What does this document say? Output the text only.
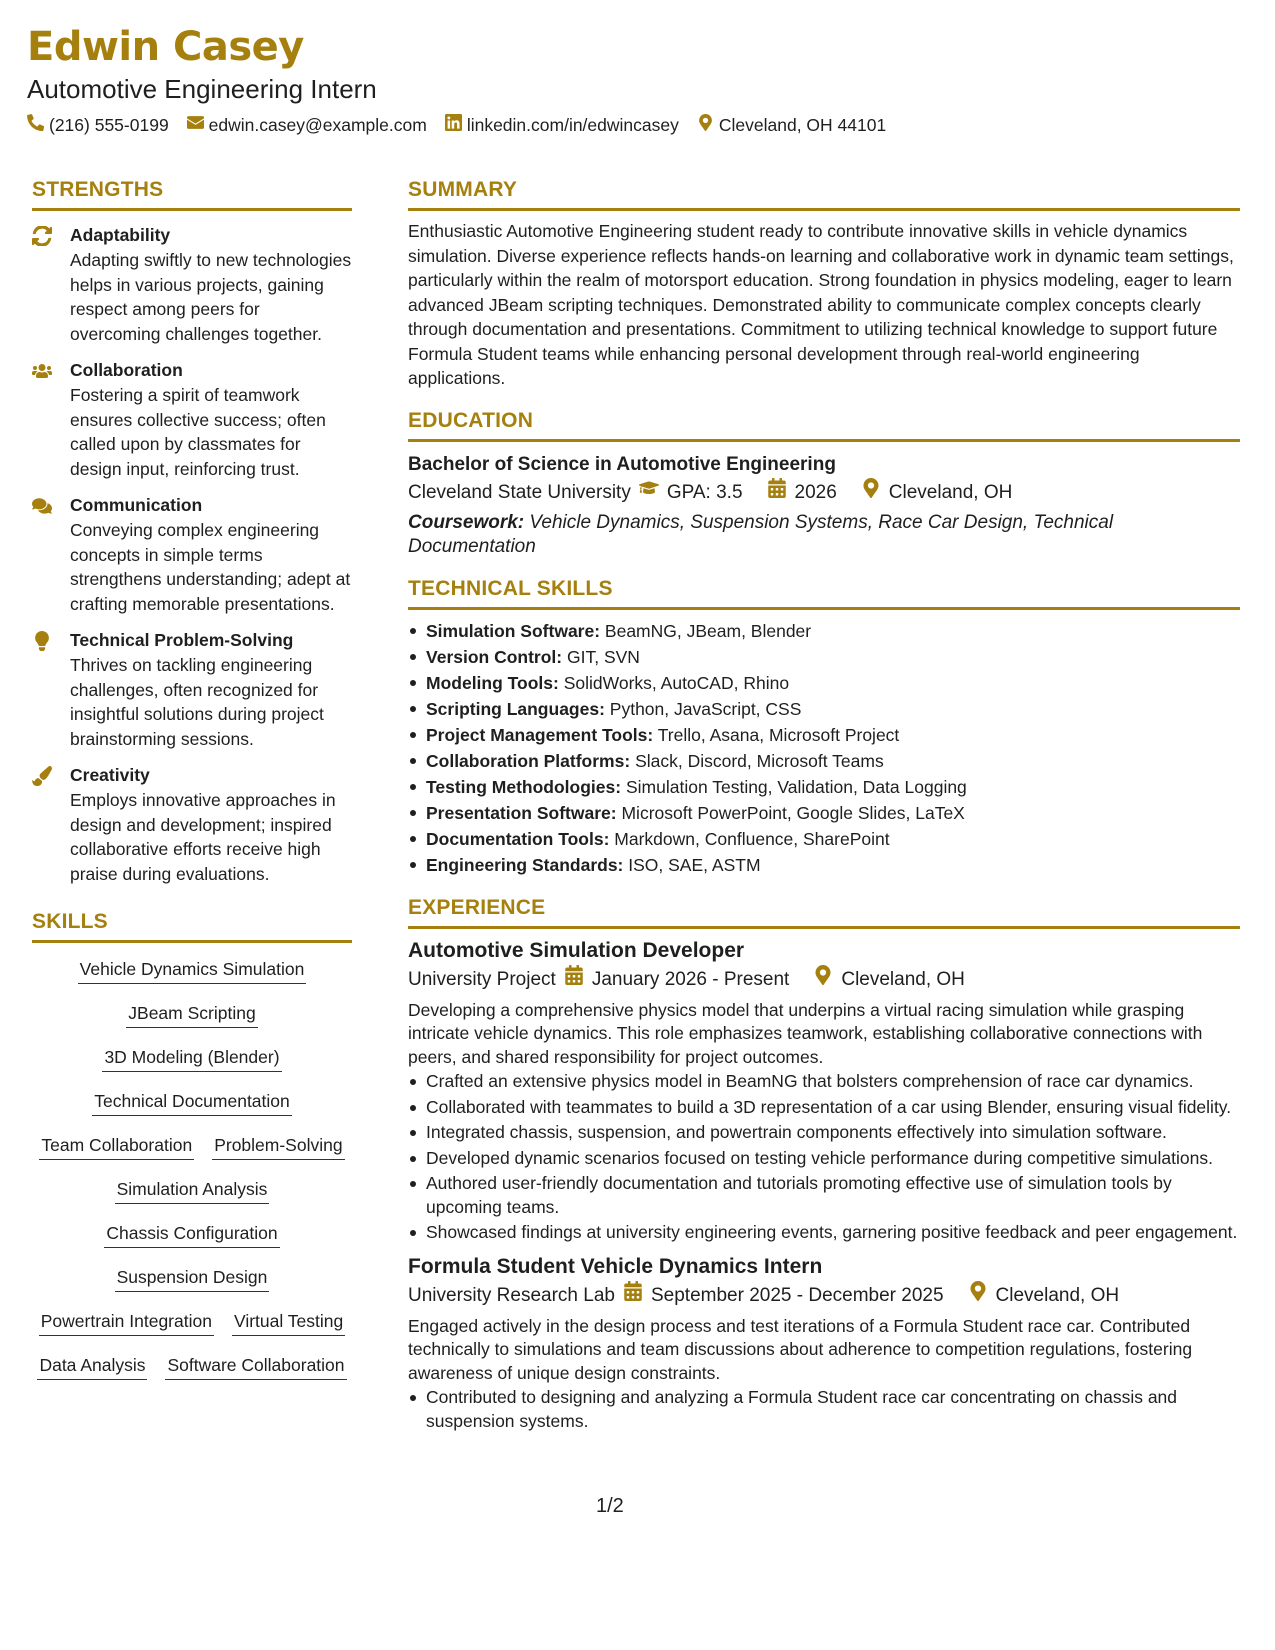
Edwin Casey
Automotive Engineering Intern
(216) 555-0199 edwin.casey@example.com linkedin.com/in/edwincasey Cleveland, OH 44101
STRENGTHS
Adaptability
Adapting swiftly to new technologies helps in various projects, gaining respect among peers for overcoming challenges together.
Collaboration
Fostering a spirit of teamwork ensures collective success; often called upon by classmates for design input, reinforcing trust.
Communication
Conveying complex engineering concepts in simple terms strengthens understanding; adept at crafting memorable presentations.
Technical Problem-Solving
Thrives on tackling engineering challenges, often recognized for insightful solutions during project brainstorming sessions.
Creativity
Employs innovative approaches in design and development; inspired collaborative efforts receive high praise during evaluations.
SKILLS
Vehicle Dynamics Simulation
JBeam Scripting
3D Modeling (Blender)
Technical Documentation
Team Collaboration Problem-Solving
Simulation Analysis
Chassis Configuration
Suspension Design
Powertrain Integration Virtual Testing
Data Analysis Software Collaboration
SUMMARY
Enthusiastic Automotive Engineering student ready to contribute innovative skills in vehicle dynamics simulation. Diverse experience reflects hands-on learning and collaborative work in dynamic team settings, particularly within the realm of motorsport education. Strong foundation in physics modeling, eager to learn advanced JBeam scripting techniques. Demonstrated ability to communicate complex concepts clearly through documentation and presentations. Commitment to utilizing technical knowledge to support future Formula Student teams while enhancing personal development through real-world engineering applications.
EDUCATION
Bachelor of Science in Automotive Engineering
Cleveland State University GPA: 3.5	2026	Cleveland, OH
Coursework: Vehicle Dynamics, Suspension Systems, Race Car Design, Technical Documentation
TECHNICAL SKILLS
Simulation Software: BeamNG, JBeam, Blender
Version Control: GIT, SVN
Modeling Tools: SolidWorks, AutoCAD, Rhino
Scripting Languages: Python, JavaScript, CSS
Project Management Tools: Trello, Asana, Microsoft Project
Collaboration Platforms: Slack, Discord, Microsoft Teams
Testing Methodologies: Simulation Testing, Validation, Data Logging
Presentation Software: Microsoft PowerPoint, Google Slides, LaTeX
Documentation Tools: Markdown, Confluence, SharePoint
Engineering Standards: ISO, SAE, ASTM
EXPERIENCE
Automotive Simulation Developer
University Project January 2026 - Present	Cleveland, OH
Developing a comprehensive physics model that underpins a virtual racing simulation while grasping intricate vehicle dynamics. This role emphasizes teamwork, establishing collaborative connections with peers, and shared responsibility for project outcomes.
Crafted an extensive physics model in BeamNG that bolsters comprehension of race car dynamics.
Collaborated with teammates to build a 3D representation of a car using Blender, ensuring visual fidelity.
Integrated chassis, suspension, and powertrain components effectively into simulation software.
Developed dynamic scenarios focused on testing vehicle performance during competitive simulations.
Authored user-friendly documentation and tutorials promoting effective use of simulation tools by upcoming teams.
Showcased findings at university engineering events, garnering positive feedback and peer engagement.
Formula Student Vehicle Dynamics Intern
University Research Lab September 2025 - December 2025	Cleveland, OH
Engaged actively in the design process and test iterations of a Formula Student race car. Contributed technically to simulations and team discussions about adherence to competition regulations, fostering awareness of unique design constraints.
Contributed to designing and analyzing a Formula Student race car concentrating on chassis and suspension systems.
1/2
